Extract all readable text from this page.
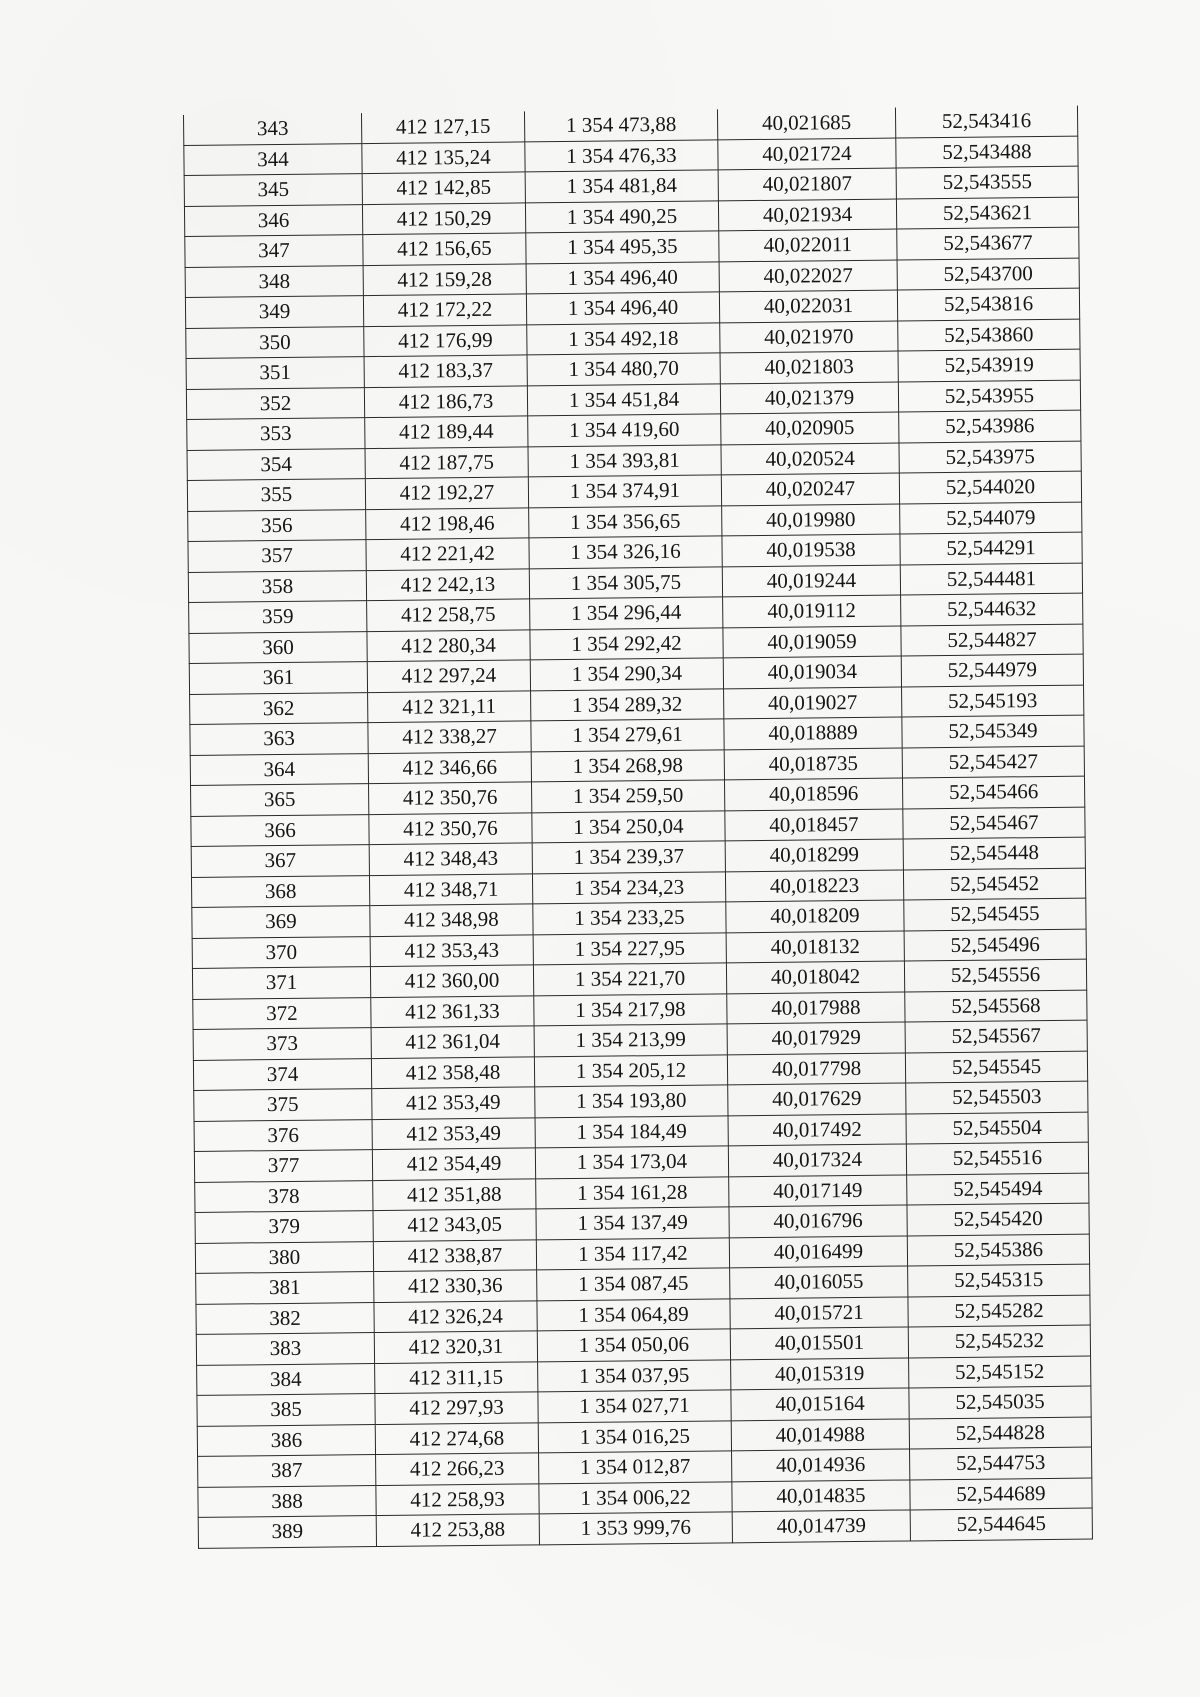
343	412 127,15	1 354 473,88	40,021685	52,543416
344	412 135,24	1 354 476,33	40,021724	52,543488
345	412 142,85	1 354 481,84	40,021807	52,543555
346	412 150,29	1 354 490,25	40,021934	52,543621
347	412 156,65	1 354 495,35	40,022011	52,543677
348	412 159,28	1 354 496,40	40,022027	52,543700
349	412 172,22	1 354 496,40	40,022031	52,543816
350	412 176,99	1 354 492,18	40,021970	52,543860
351	412 183,37	1 354 480,70	40,021803	52,543919
352	412 186,73	1 354 451,84	40,021379	52,543955
353	412 189,44	1 354 419,60	40,020905	52,543986
354	412 187,75	1 354 393,81	40,020524	52,543975
355	412 192,27	1 354 374,91	40,020247	52,544020
356	412 198,46	1 354 356,65	40,019980	52,544079
357	412 221,42	1 354 326,16	40,019538	52,544291
358	412 242,13	1 354 305,75	40,019244	52,544481
359	412 258,75	1 354 296,44	40,019112	52,544632
360	412 280,34	1 354 292,42	40,019059	52,544827
361	412 297,24	1 354 290,34	40,019034	52,544979
362	412 321,11	1 354 289,32	40,019027	52,545193
363	412 338,27	1 354 279,61	40,018889	52,545349
364	412 346,66	1 354 268,98	40,018735	52,545427
365	412 350,76	1 354 259,50	40,018596	52,545466
366	412 350,76	1 354 250,04	40,018457	52,545467
367	412 348,43	1 354 239,37	40,018299	52,545448
368	412 348,71	1 354 234,23	40,018223	52,545452
369	412 348,98	1 354 233,25	40,018209	52,545455
370	412 353,43	1 354 227,95	40,018132	52,545496
371	412 360,00	1 354 221,70	40,018042	52,545556
372	412 361,33	1 354 217,98	40,017988	52,545568
373	412 361,04	1 354 213,99	40,017929	52,545567
374	412 358,48	1 354 205,12	40,017798	52,545545
375	412 353,49	1 354 193,80	40,017629	52,545503
376	412 353,49	1 354 184,49	40,017492	52,545504
377	412 354,49	1 354 173,04	40,017324	52,545516
378	412 351,88	1 354 161,28	40,017149	52,545494
379	412 343,05	1 354 137,49	40,016796	52,545420
380	412 338,87	1 354 117,42	40,016499	52,545386
381	412 330,36	1 354 087,45	40,016055	52,545315
382	412 326,24	1 354 064,89	40,015721	52,545282
383	412 320,31	1 354 050,06	40,015501	52,545232
384	412 311,15	1 354 037,95	40,015319	52,545152
385	412 297,93	1 354 027,71	40,015164	52,545035
386	412 274,68	1 354 016,25	40,014988	52,544828
387	412 266,23	1 354 012,87	40,014936	52,544753
388	412 258,93	1 354 006,22	40,014835	52,544689
389	412 253,88	1 353 999,76	40,014739	52,544645
